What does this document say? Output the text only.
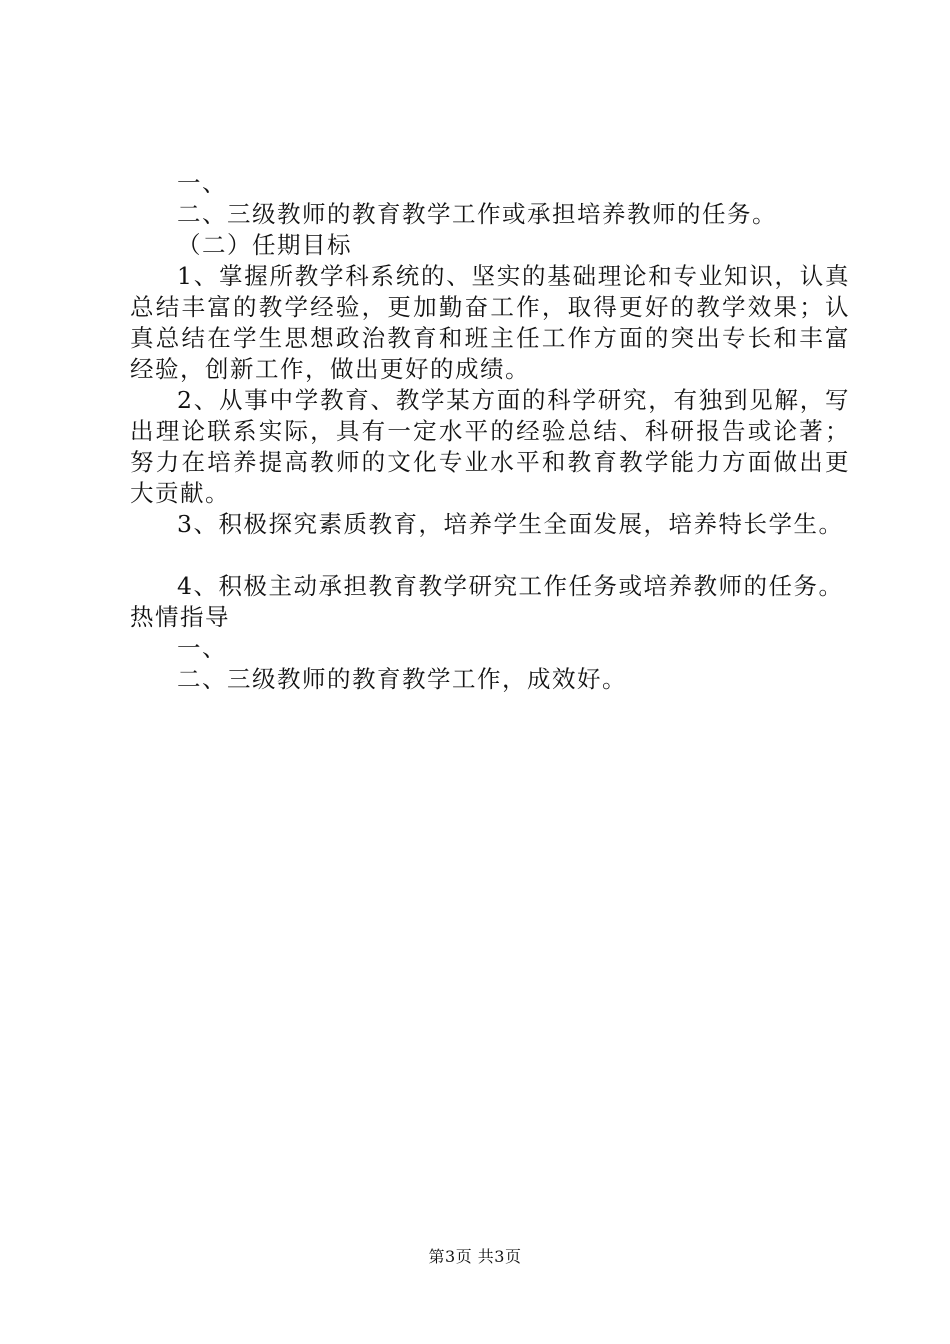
一、

二、三级教师的教育教学工作或承担培养教师的任务。

（二）任期目标

1、掌握所教学科系统的、坚实的基础理论和专业知识，认真总结丰富的教学经验，更加勤奋工作，取得更好的教学效果；认真总结在学生思想政治教育和班主任工作方面的突出专长和丰富经验，创新工作，做出更好的成绩。

2、从事中学教育、教学某方面的科学研究，有独到见解，写出理论联系实际，具有一定水平的经验总结、科研报告或论著；努力在培养提高教师的文化专业水平和教育教学能力方面做出更大贡献。

3、积极探究素质教育，培养学生全面发展，培养特长学生。

4、积极主动承担教育教学研究工作任务或培养教师的任务。

热情指导

一、

二、三级教师的教育教学工作，成效好。

第3页 共3页
